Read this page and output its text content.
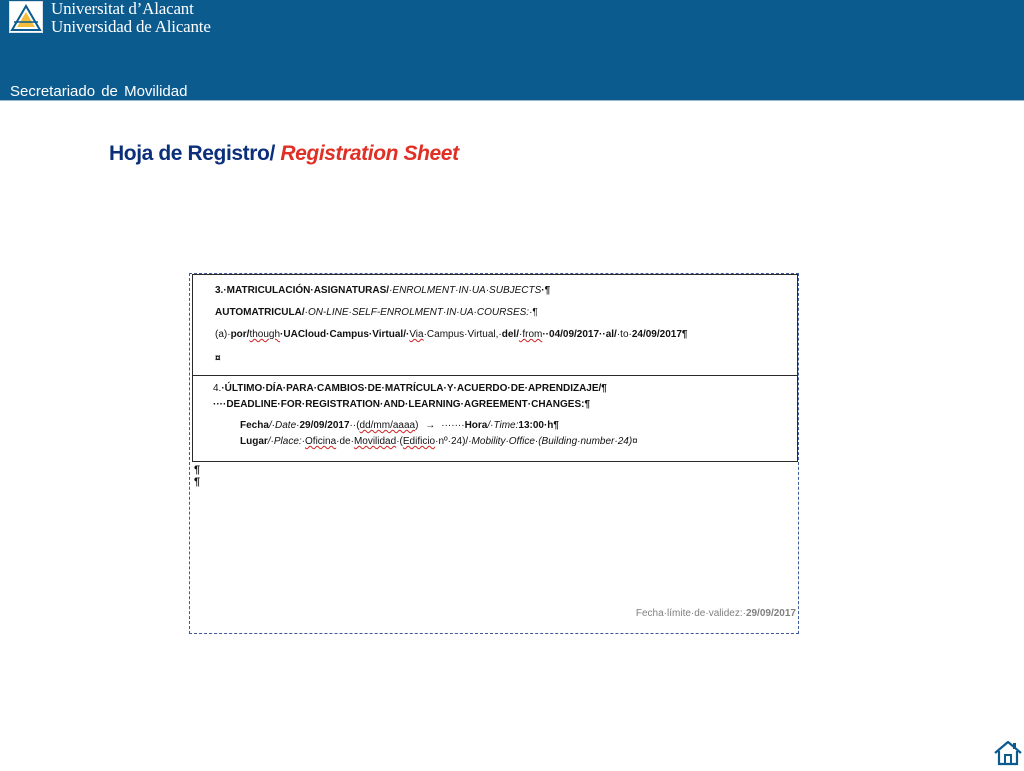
Universitat d’Alacant
Universidad de Alicante
Secretariado de Movilidad
Hoja de Registro/ Registration Sheet
3.·MATRICULACIÓN·ASIGNATURAS/·ENROLMENT·IN·UA·SUBJECTS·¶
AUTOMATRICULA/·ON-LINE·SELF-ENROLMENT·IN·UA·COURSES:·¶
(a)·por/though·UACloud·Campus·Virtual/·Via·Campus·Virtual,·del/·from··04/09/2017··al/·to·24/09/2017¶
¤
4.·ÚLTIMO·DÍA·PARA·CAMBIOS·DE·MATRÍCULA·Y·ACUERDO·DE·APRENDIZAJE/¶
····DEADLINE·FOR·REGISTRATION·AND·LEARNING·AGREEMENT·CHANGES:¶
Fecha/·Date·29/09/2017··(dd/mm/aaaa) → ·······Hora/·Time:13:00·h¶
Lugar/·Place:·Oficina·de·Movilidad·(Edificio·nº·24)/·Mobility·Office·(Building·number·24)¤
¶
¶
Fecha·límite·de·validez:·29/09/2017
